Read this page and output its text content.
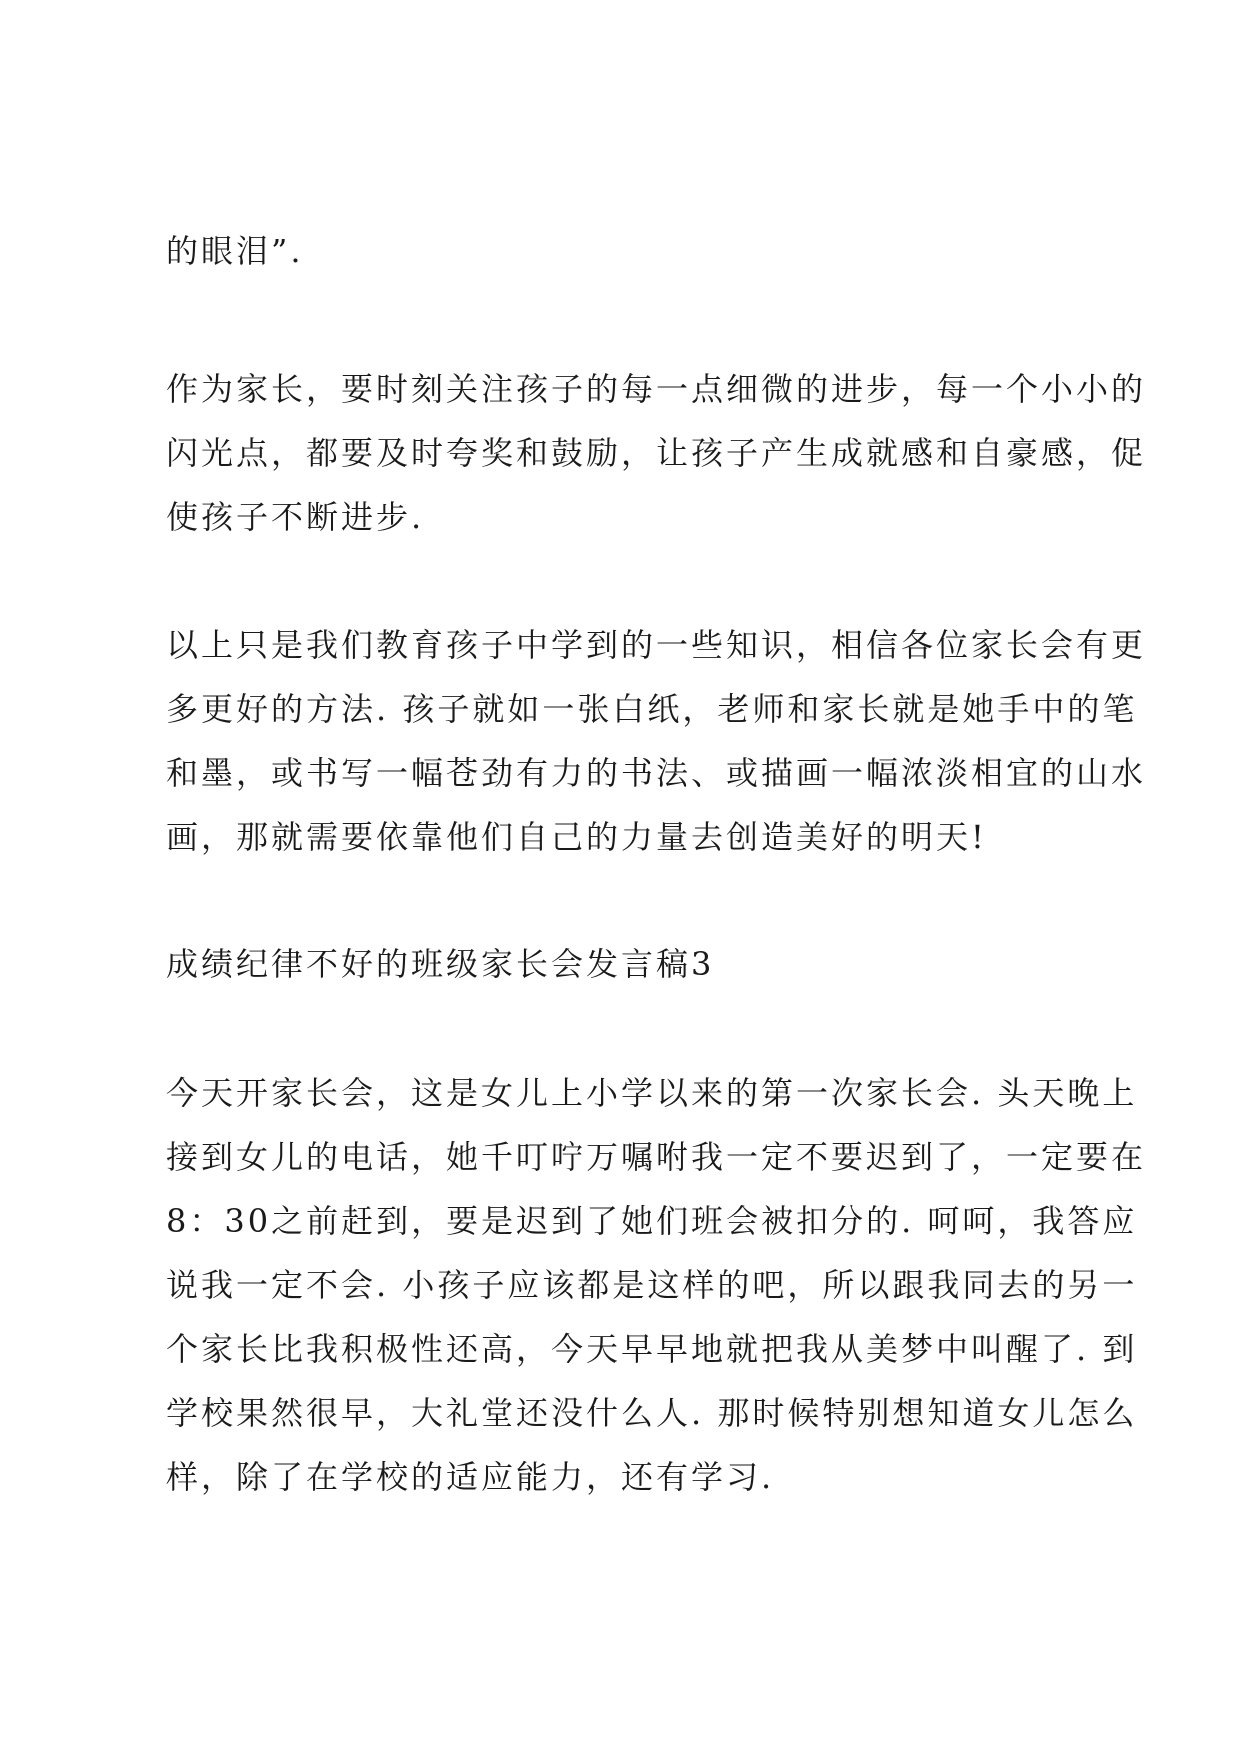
的眼泪”.
作为家长，要时刻关注孩子的每一点细微的进步，每一个小小的
闪光点，都要及时夸奖和鼓励，让孩子产生成就感和自豪感，促
使孩子不断进步.
以上只是我们教育孩子中学到的一些知识，相信各位家长会有更
多更好的方法. 孩子就如一张白纸，老师和家长就是她手中的笔
和墨，或书写一幅苍劲有力的书法、或描画一幅浓淡相宜的山水
画，那就需要依靠他们自己的力量去创造美好的明天!
成绩纪律不好的班级家长会发言稿3
今天开家长会，这是女儿上小学以来的第一次家长会. 头天晚上
接到女儿的电话，她千叮咛万嘱咐我一定不要迟到了，一定要在
8：30之前赶到，要是迟到了她们班会被扣分的. 呵呵，我答应
说我一定不会. 小孩子应该都是这样的吧，所以跟我同去的另一
个家长比我积极性还高，今天早早地就把我从美梦中叫醒了. 到
学校果然很早，大礼堂还没什么人. 那时候特别想知道女儿怎么
样，除了在学校的适应能力，还有学习.
